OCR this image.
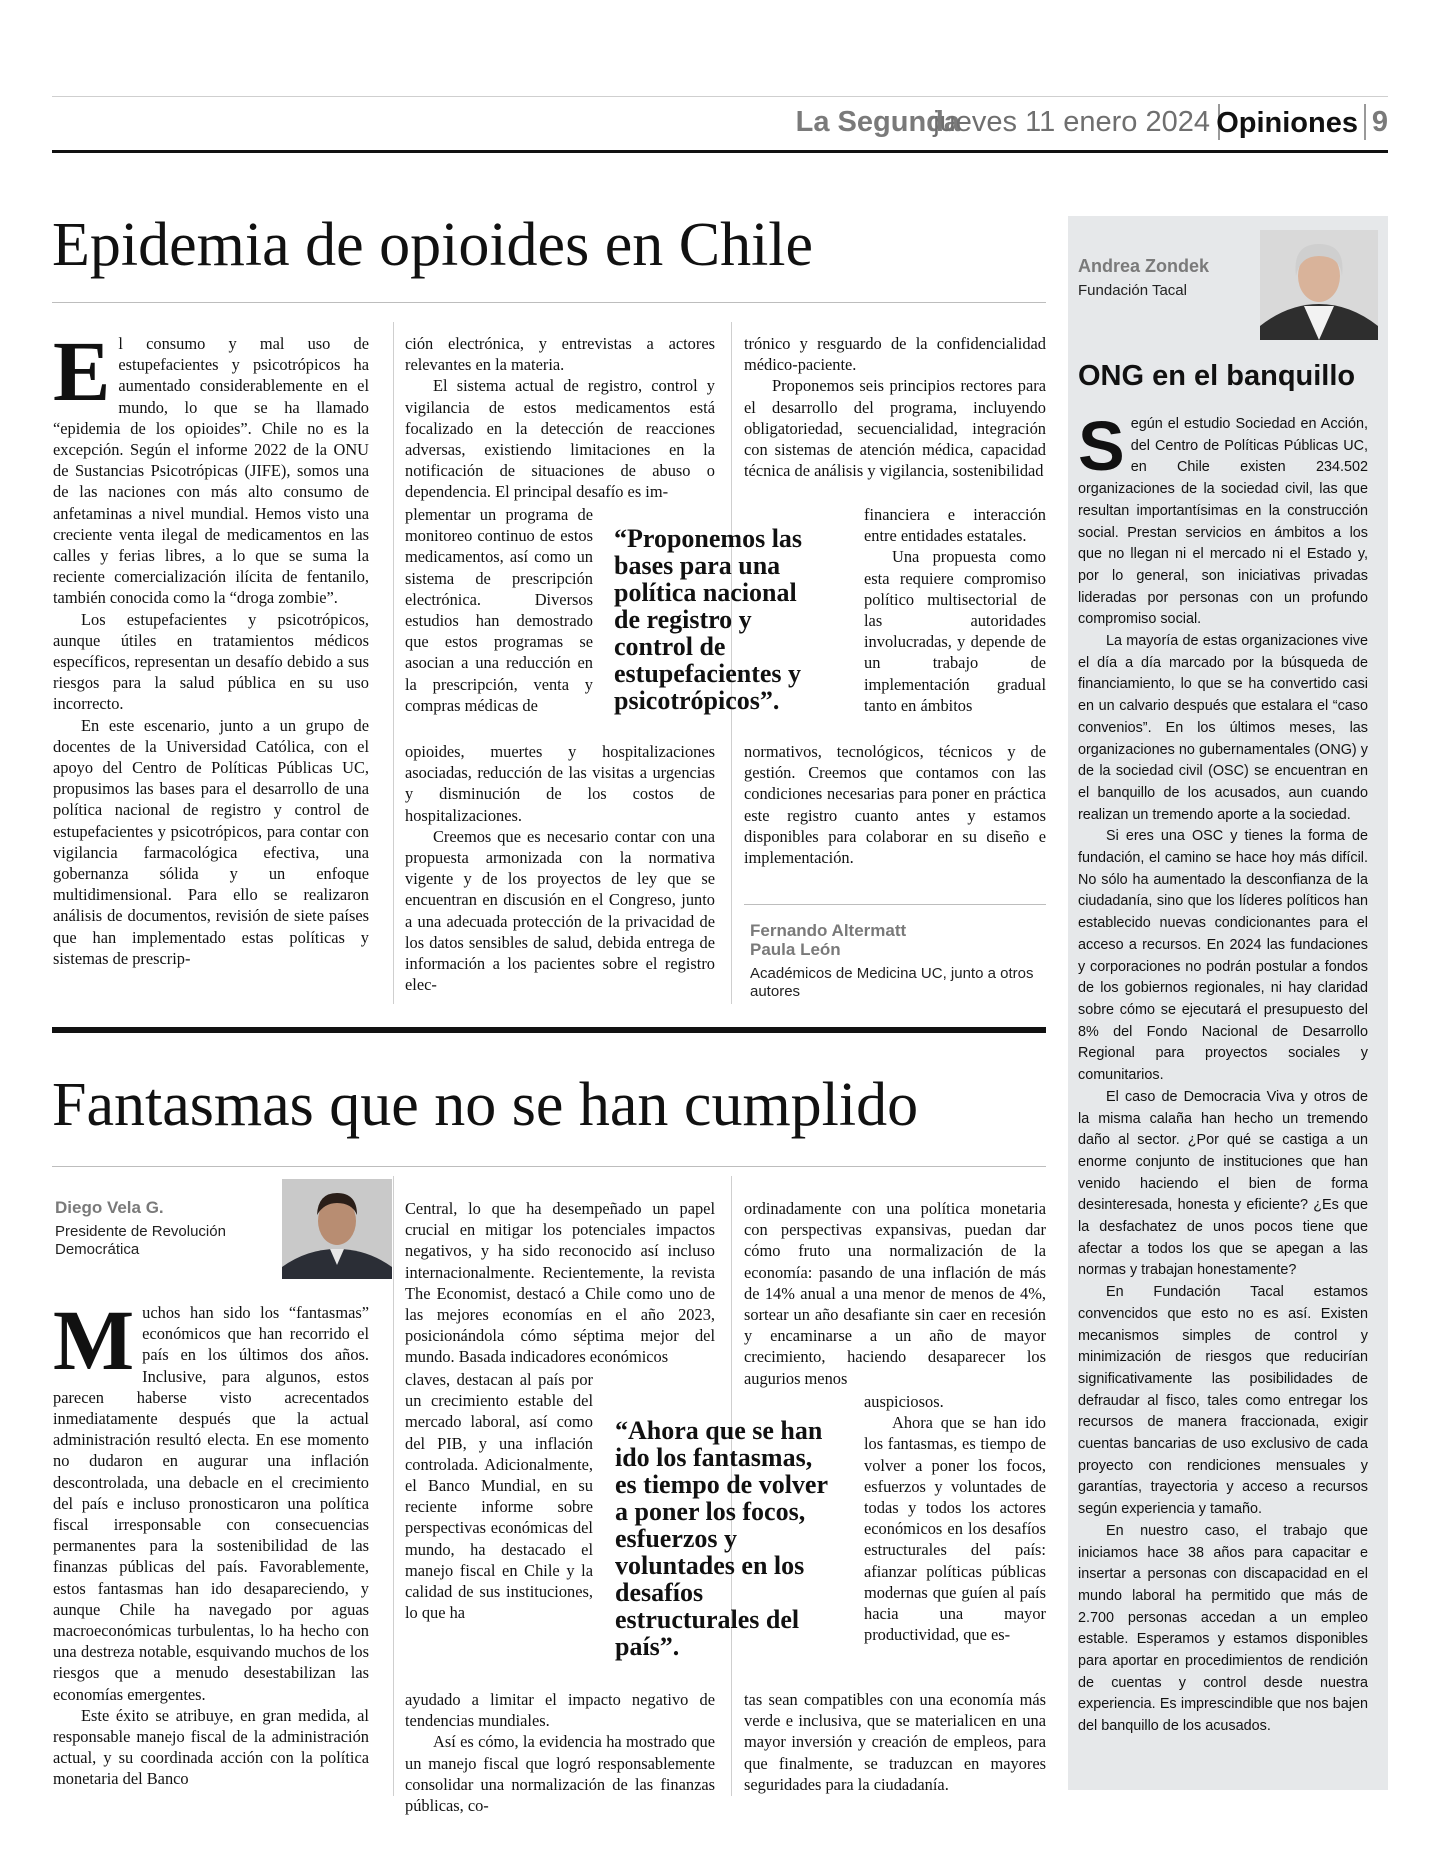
La Segunda
jueves 11 enero 2024 Opiniones 9
Epidemia de opioides en Chile

El consumo y mal uso de estupefacientes y psicotrópicos ha aumentado considerablemente en el mundo, lo que se ha llamado “epidemia de los opioides”. Chile no es la excepción. Según el informe 2022 de la ONU de Sustancias Psicotrópicas (JIFE), somos una de las naciones con más alto consumo de anfetaminas a nivel mundial. Hemos visto una creciente venta ilegal de medicamentos en las calles y ferias libres, a lo que se suma la reciente comercialización ilícita de fentanilo, también conocida como la “droga zombie”.

Los estupefacientes y psicotrópicos, aunque útiles en tratamientos médicos específicos, representan un desafío debido a sus riesgos para la salud pública en su uso incorrecto.

En este escenario, junto a un grupo de docentes de la Universidad Católica, con el apoyo del Centro de Políticas Públicas UC, propusimos las bases para el desarrollo de una política nacional de registro y control de estupefacientes y psicotrópicos, para contar con vigilancia farmacológica efectiva, una gobernanza sólida y un enfoque multidimensional. Para ello se realizaron análisis de documentos, revisión de siete países que han implementado estas políticas y sistemas de prescrip-

ción electrónica, y entrevistas a actores relevantes en la materia.

El sistema actual de registro, control y vigilancia de estos medicamentos está focalizado en la detección de reacciones adversas, existiendo limitaciones en la notificación de situaciones de abuso o dependencia. El principal desafío es im-

plementar un programa de monitoreo continuo de estos medicamentos, así como un sistema de prescripción electrónica. Diversos estudios han demostrado que estos programas se asocian a una reducción en la prescripción, venta y compras médicas de

opioides, muertes y hospitalizaciones asociadas, reducción de las visitas a urgencias y disminución de los costos de hospitalizaciones.

Creemos que es necesario contar con una propuesta armonizada con la normativa vigente y de los proyectos de ley que se encuentran en discusión en el Congreso, junto a una adecuada protección de la privacidad de los datos sensibles de salud, debida entrega de información a los pacientes sobre el registro elec-

“Proponemos las bases para una política nacional de registro y control de estupefacientes y psicotrópicos”.

trónico y resguardo de la confidencialidad médico-paciente.

Proponemos seis principios rectores para el desarrollo del programa, incluyendo obligatoriedad, secuencialidad, integración con sistemas de atención médica, capacidad técnica de análisis y vigilancia, sostenibilidad

financiera e interacción entre entidades estatales.

Una propuesta como esta requiere compromiso político multisectorial de las autoridades involucradas, y depende de un trabajo de implementación gradual tanto en ámbitos

normativos, tecnológicos, técnicos y de gestión. Creemos que contamos con las condiciones necesarias para poner en práctica este registro cuanto antes y estamos disponibles para colaborar en su diseño e implementación.

Fernando Altermatt
Paula León
Académicos de Medicina UC, junto a otros autores
Fantasmas que no se han cumplido
Diego Vela G.
Presidente de Revolución Democrática

Muchos han sido los “fantasmas” económicos que han recorrido el país en los últimos dos años. Inclusive, para algunos, estos parecen haberse visto acrecentados inmediatamente después que la actual administración resultó electa. En ese momento no dudaron en augurar una inflación descontrolada, una debacle en el crecimiento del país e incluso pronosticaron una política fiscal irresponsable con consecuencias permanentes para la sostenibilidad de las finanzas públicas del país. Favorablemente, estos fantasmas han ido desapareciendo, y aunque Chile ha navegado por aguas macroeconómicas turbulentas, lo ha hecho con una destreza notable, esquivando muchos de los riesgos que a menudo desestabilizan las economías emergentes.

Este éxito se atribuye, en gran medida, al responsable manejo fiscal de la administración actual, y su coordinada acción con la política monetaria del Banco

Central, lo que ha desempeñado un papel crucial en mitigar los potenciales impactos negativos, y ha sido reconocido así incluso internacionalmente. Recientemente, la revista The Economist, destacó a Chile como uno de las mejores economías en el año 2023, posicionándola cómo séptima mejor del mundo. Basada indicadores económicos

claves, destacan al país por un crecimiento estable del mercado laboral, así como del PIB, y una inflación controlada. Adicionalmente, el Banco Mundial, en su reciente informe sobre perspectivas económicas del mundo, ha destacado el manejo fiscal en Chile y la calidad de sus instituciones, lo que ha

ayudado a limitar el impacto negativo de tendencias mundiales.

Así es cómo, la evidencia ha mostrado que un manejo fiscal que logró responsablemente consolidar una normalización de las finanzas públicas, co-

“Ahora que se han ido los fantasmas, es tiempo de volver a poner los focos, esfuerzos y voluntades en los desafíos estructurales del país”.

ordinadamente con una política monetaria con perspectivas expansivas, puedan dar cómo fruto una normalización de la economía: pasando de una inflación de más de 14% anual a una menor de menos de 4%, sortear un año desafiante sin caer en recesión y encaminarse a un año de mayor crecimiento, haciendo desaparecer los augurios menos

auspiciosos.

Ahora que se han ido los fantasmas, es tiempo de volver a poner los focos, esfuerzos y voluntades de todas y todos los actores económicos en los desafíos estructurales del país: afianzar políticas públicas modernas que guíen al país hacia una mayor productividad, que es-

tas sean compatibles con una economía más verde e inclusiva, que se materialicen en una mayor inversión y creación de empleos, para que finalmente, se traduzcan en mayores seguridades para la ciudadanía.

Andrea Zondek
Fundación Tacal
ONG en el banquillo

Según el estudio Sociedad en Acción, del Centro de Políticas Públicas UC, en Chile existen 234.502 organizaciones de la sociedad civil, las que resultan importantísimas en la construcción social. Prestan servicios en ámbitos a los que no llegan ni el mercado ni el Estado y, por lo general, son iniciativas privadas lideradas por personas con un profundo compromiso social.

La mayoría de estas organizaciones vive el día a día marcado por la búsqueda de financiamiento, lo que se ha convertido casi en un calvario después que estalara el “caso convenios”. En los últimos meses, las organizaciones no gubernamentales (ONG) y de la sociedad civil (OSC) se encuentran en el banquillo de los acusados, aun cuando realizan un tremendo aporte a la sociedad.

Si eres una OSC y tienes la forma de fundación, el camino se hace hoy más difícil. No sólo ha aumentado la desconfianza de la ciudadanía, sino que los líderes políticos han establecido nuevas condicionantes para el acceso a recursos. En 2024 las fundaciones y corporaciones no podrán postular a fondos de los gobiernos regionales, ni hay claridad sobre cómo se ejecutará el presupuesto del 8% del Fondo Nacional de Desarrollo Regional para proyectos sociales y comunitarios.

El caso de Democracia Viva y otros de la misma calaña han hecho un tremendo daño al sector. ¿Por qué se castiga a un enorme conjunto de instituciones que han venido haciendo el bien de forma desinteresada, honesta y eficiente? ¿Es que la desfachatez de unos pocos tiene que afectar a todos los que se apegan a las normas y trabajan honestamente?

En Fundación Tacal estamos convencidos que esto no es así. Existen mecanismos simples de control y minimización de riesgos que reducirían significativamente las posibilidades de defraudar al fisco, tales como entregar los recursos de manera fraccionada, exigir cuentas bancarias de uso exclusivo de cada proyecto con rendiciones mensuales y garantías, trayectoria y acceso a recursos según experiencia y tamaño.

En nuestro caso, el trabajo que iniciamos hace 38 años para capacitar e insertar a personas con discapacidad en el mundo laboral ha permitido que más de 2.700 personas accedan a un empleo estable. Esperamos y estamos disponibles para aportar en procedimientos de rendición de cuentas y control desde nuestra experiencia. Es imprescindible que nos bajen del banquillo de los acusados.
